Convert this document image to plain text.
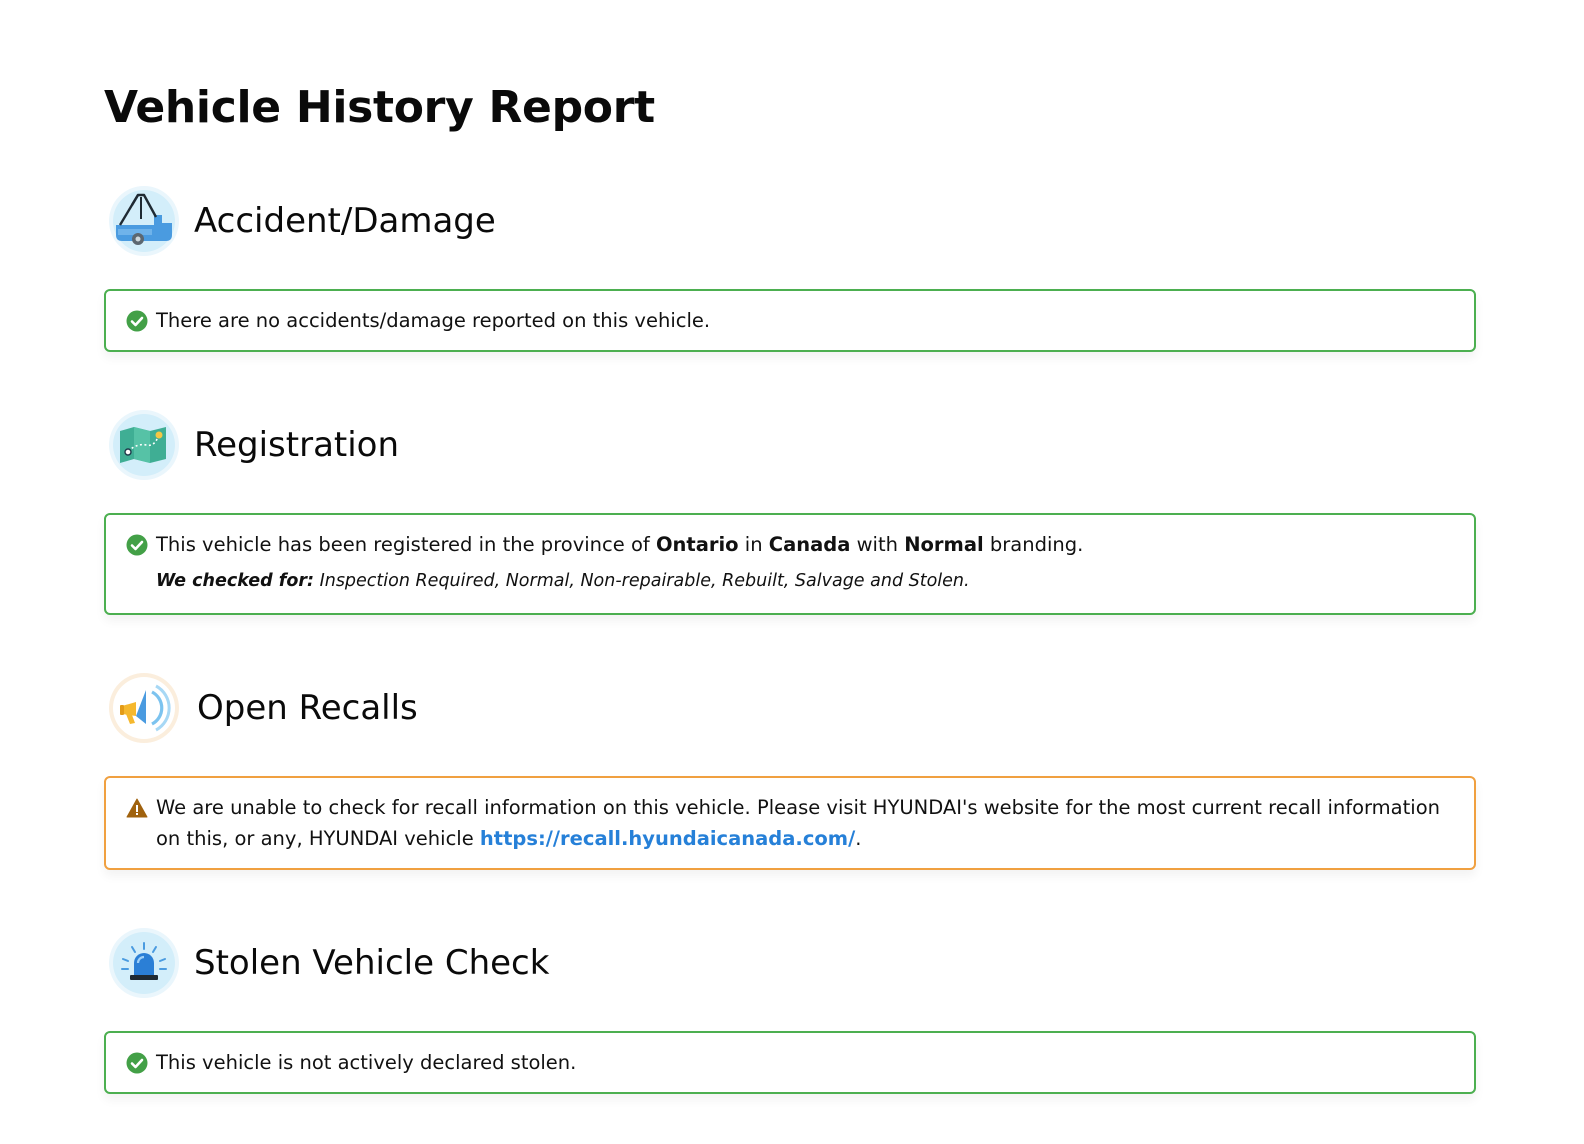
Vehicle History Report
Accident/Damage

There are no accidents/damage reported on this vehicle.

Registration

This vehicle has been registered in the province of Ontario in Canada with Normal branding.

We checked for: Inspection Required, Normal, Non-repairable, Rebuilt, Salvage and Stolen.

Open Recalls

We are unable to check for recall information on this vehicle. Please visit HYUNDAI's website for the most current recall information on this, or any, HYUNDAI vehicle https://recall.hyundaicanada.com/.

Stolen Vehicle Check

This vehicle is not actively declared stolen.
